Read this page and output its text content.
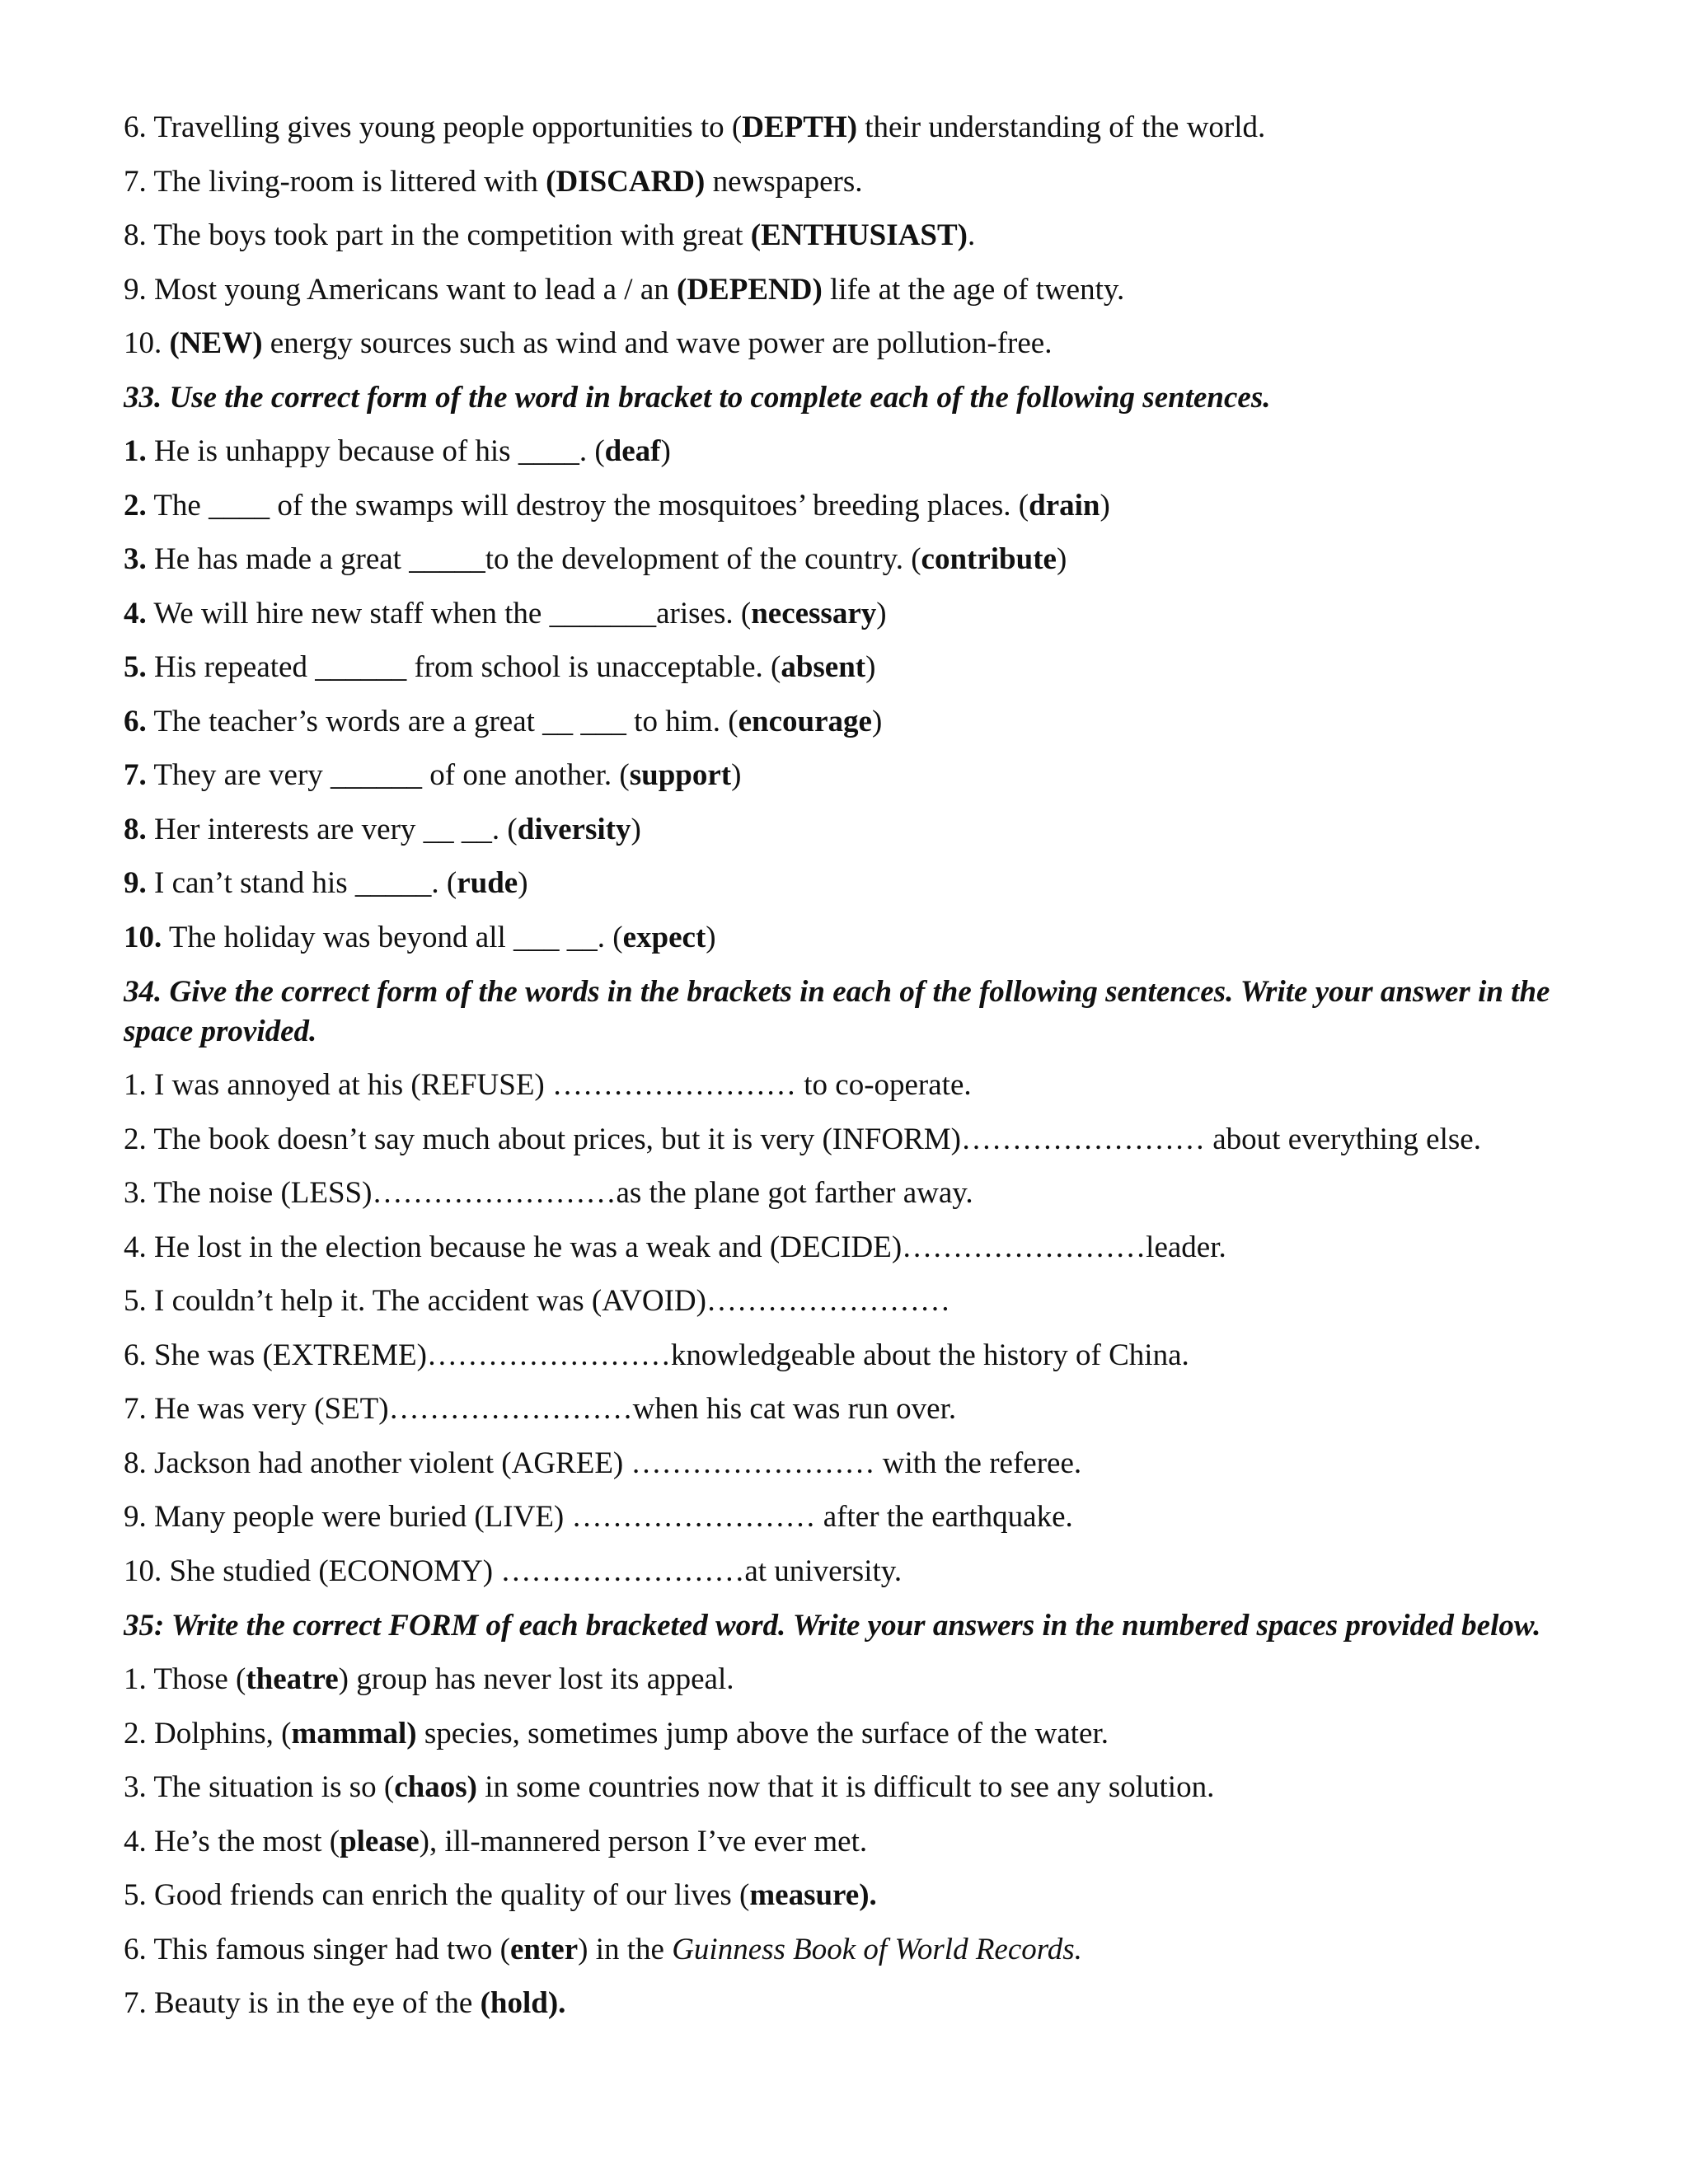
6. Travelling gives young people opportunities to (DEPTH) their understanding of the world.
7. The living-room is littered with (DISCARD) newspapers.
8. The boys took part in the competition with great (ENTHUSIAST).
9. Most young Americans want to lead a / an (DEPEND) life at the age of twenty.
10. (NEW) energy sources such as wind and wave power are pollution-free.
33. Use the correct form of the word in bracket to complete each of the following sentences.
1. He is unhappy because of his ____. (deaf)
2. The ____ of the swamps will destroy the mosquitoes’ breeding places. (drain)
3. He has made a great _____to the development of the country. (contribute)
4. We will hire new staff when the _______arises. (necessary)
5. His repeated ______ from school is unacceptable. (absent)
6. The teacher’s words are a great __ ___ to him. (encourage)
7. They are very ______ of one another. (support)
8. Her interests are very __ __. (diversity)
9. I can’t stand his _____. (rude)
10. The holiday was beyond all ___ __. (expect)
34. Give the correct form of the words in the brackets in each of the following sentences. Write your answer in the space provided.
1. I was annoyed at his (REFUSE) …………………… to co-operate.
2. The book doesn’t say much about prices, but it is very (INFORM)…………………… about everything else.
3. The noise (LESS)……………………as the plane got farther away.
4. He lost in the election because he was a weak and (DECIDE)……………………leader.
5. I couldn’t help it. The accident was (AVOID)……………………
6. She was (EXTREME)……………………knowledgeable about the history of China.
7. He was very (SET)……………………when his cat was run over.
8. Jackson had another violent (AGREE) …………………… with the referee.
9. Many people were buried (LIVE) …………………… after the earthquake.
10. She studied (ECONOMY) ……………………at university.
35: Write the correct FORM of each bracketed word. Write your answers in the numbered spaces provided below.
1. Those (theatre) group has never lost its appeal.
2. Dolphins, (mammal) species, sometimes jump above the surface of the water.
3. The situation is so (chaos) in some countries now that it is difficult to see any solution.
4. He’s the most (please), ill-mannered person I’ve ever met.
5. Good friends can enrich the quality of our lives (measure).
6. This famous singer had two (enter) in the Guinness Book of World Records.
7. Beauty is in the eye of the (hold).
